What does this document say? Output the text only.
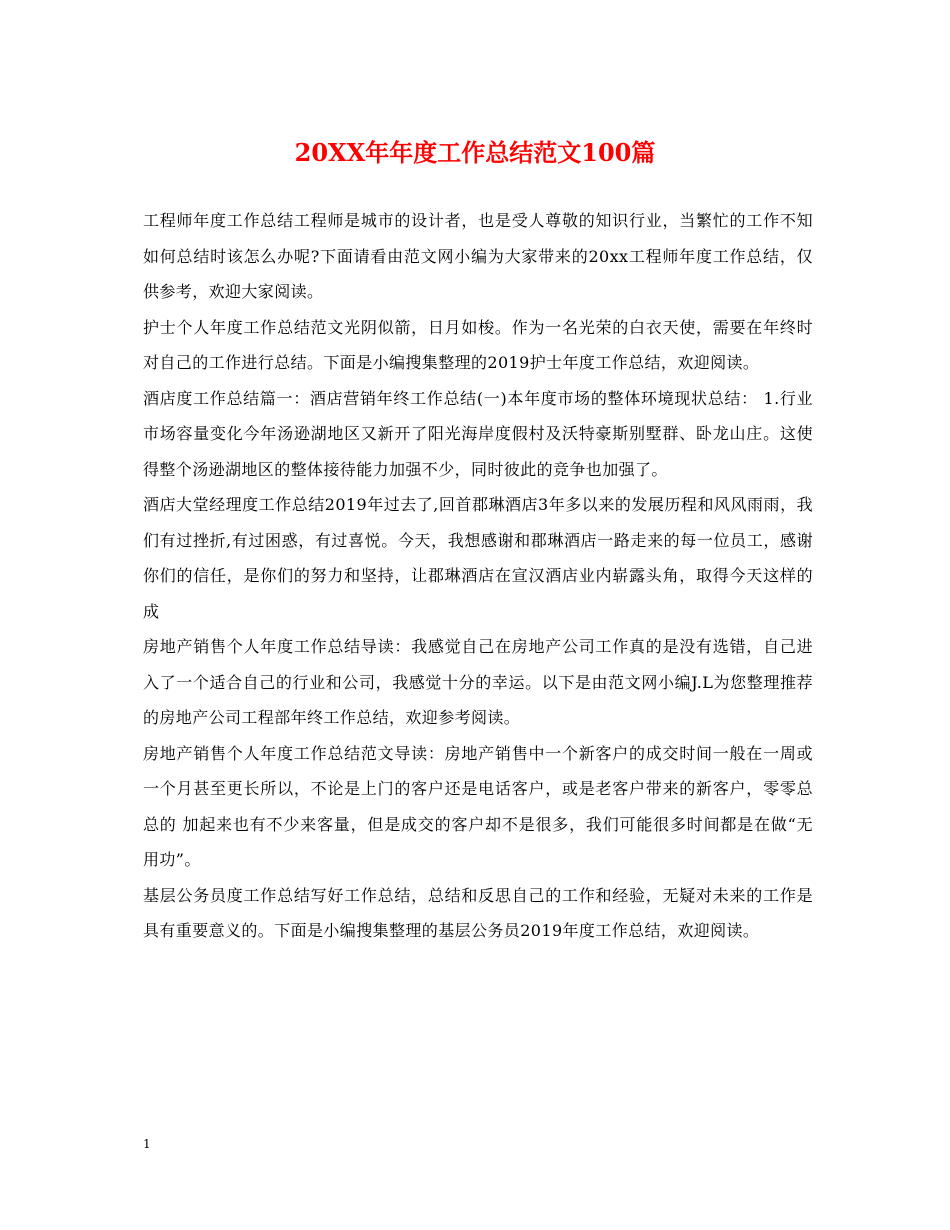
20XX年年度工作总结范文100篇

工程师年度工作总结工程师是城市的设计者，也是受人尊敬的知识行业，当繁忙的工作不知如何总结时该怎么办呢?下面请看由范文网小编为大家带来的20xx工程师年度工作总结，仅供参考，欢迎大家阅读。

护士个人年度工作总结范文光阴似箭，日月如梭。作为一名光荣的白衣天使，需要在年终时对自己的工作进行总结。下面是小编搜集整理的2019护士年度工作总结，欢迎阅读。

酒店度工作总结篇一：酒店营销年终工作总结(一)本年度市场的整体环境现状总结： 1.行业市场容量变化今年汤逊湖地区又新开了阳光海岸度假村及沃特豪斯别墅群、卧龙山庄。这使得整个汤逊湖地区的整体接待能力加强不少，同时彼此的竞争也加强了。

酒店大堂经理度工作总结2019年过去了,回首郡琳酒店3年多以来的发展历程和风风雨雨，我们有过挫折,有过困惑，有过喜悦。今天，我想感谢和郡琳酒店一路走来的每一位员工，感谢你们的信任，是你们的努力和坚持，让郡琳酒店在宣汉酒店业内崭露头角，取得今天这样的成

房地产销售个人年度工作总结导读：我感觉自己在房地产公司工作真的是没有选错，自己进入了一个适合自己的行业和公司，我感觉十分的幸运。以下是由范文网小编J.L为您整理推荐的房地产公司工程部年终工作总结，欢迎参考阅读。

房地产销售个人年度工作总结范文导读：房地产销售中一个新客户的成交时间一般在一周或一个月甚至更长所以，不论是上门的客户还是电话客户，或是老客户带来的新客户，零零总总的 加起来也有不少来客量，但是成交的客户却不是很多，我们可能很多时间都是在做“无用功”。

基层公务员度工作总结写好工作总结，总结和反思自己的工作和经验，无疑对未来的工作是具有重要意义的。下面是小编搜集整理的基层公务员2019年度工作总结，欢迎阅读。

1
